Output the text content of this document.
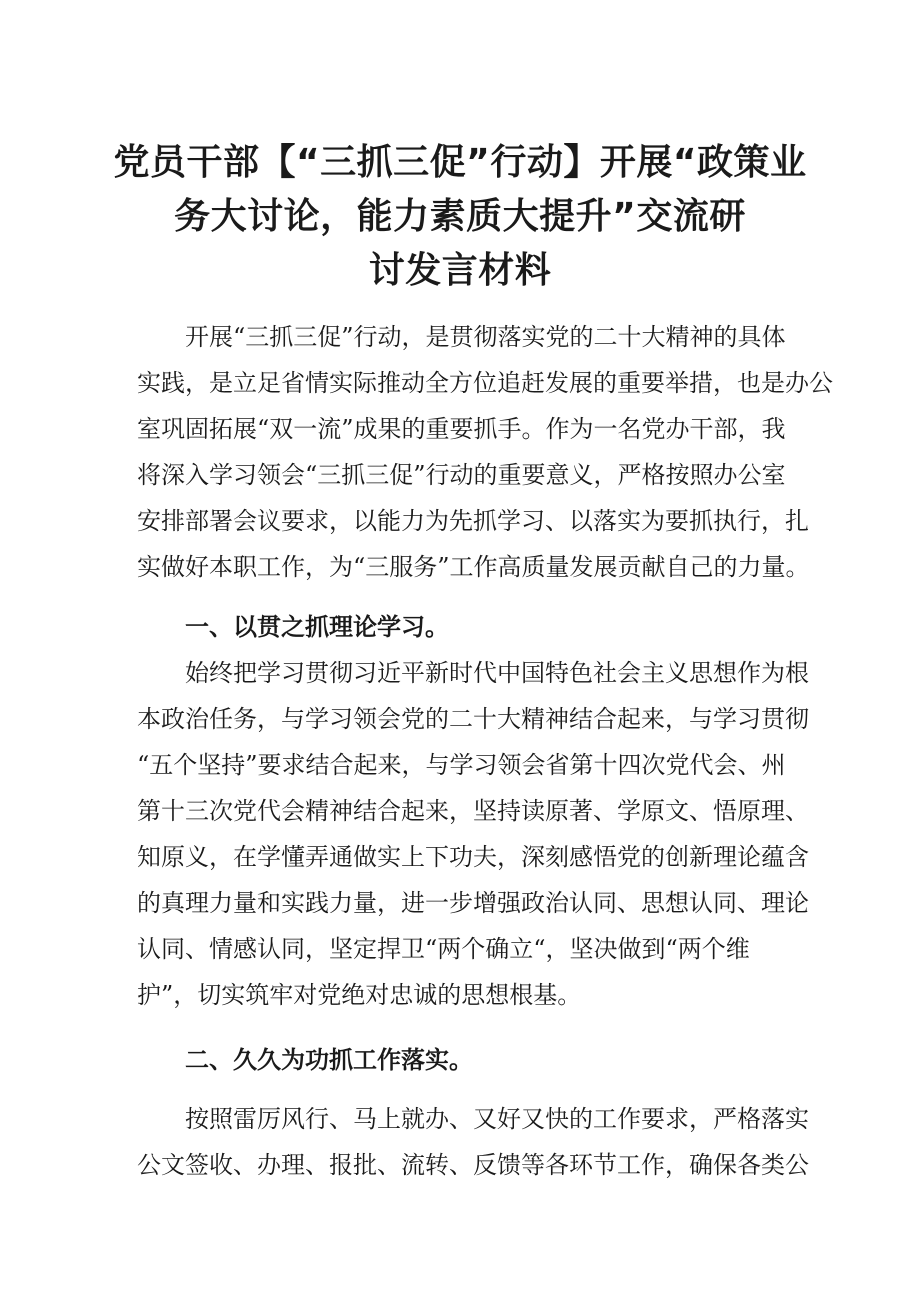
党员干部【“三抓三促”行动】开展“政策业
务大讨论，能力素质大提升”交流研
讨发言材料
开展“三抓三促”行动，是贯彻落实党的二十大精神的具体
实践，是立足省情实际推动全方位追赶发展的重要举措，也是办公
室巩固拓展“双一流”成果的重要抓手。作为一名党办干部，我
将深入学习领会“三抓三促”行动的重要意义，严格按照办公室
安排部署会议要求，以能力为先抓学习、以落实为要抓执行，扎
实做好本职工作，为“三服务”工作高质量发展贡献自己的力量。
一、以贯之抓理论学习。
始终把学习贯彻习近平新时代中国特色社会主义思想作为根
本政治任务，与学习领会党的二十大精神结合起来，与学习贯彻
“五个坚持”要求结合起来，与学习领会省第十四次党代会、州
第十三次党代会精神结合起来，坚持读原著、学原文、悟原理、
知原义，在学懂弄通做实上下功夫，深刻感悟党的创新理论蕴含
的真理力量和实践力量，进一步增强政治认同、思想认同、理论
认同、情感认同，坚定捍卫“两个确立“，坚决做到“两个维
护”，切实筑牢对党绝对忠诚的思想根基。
二、久久为功抓工作落实。
按照雷厉风行、马上就办、又好又快的工作要求，严格落实
公文签收、办理、报批、流转、反馈等各环节工作，确保各类公
